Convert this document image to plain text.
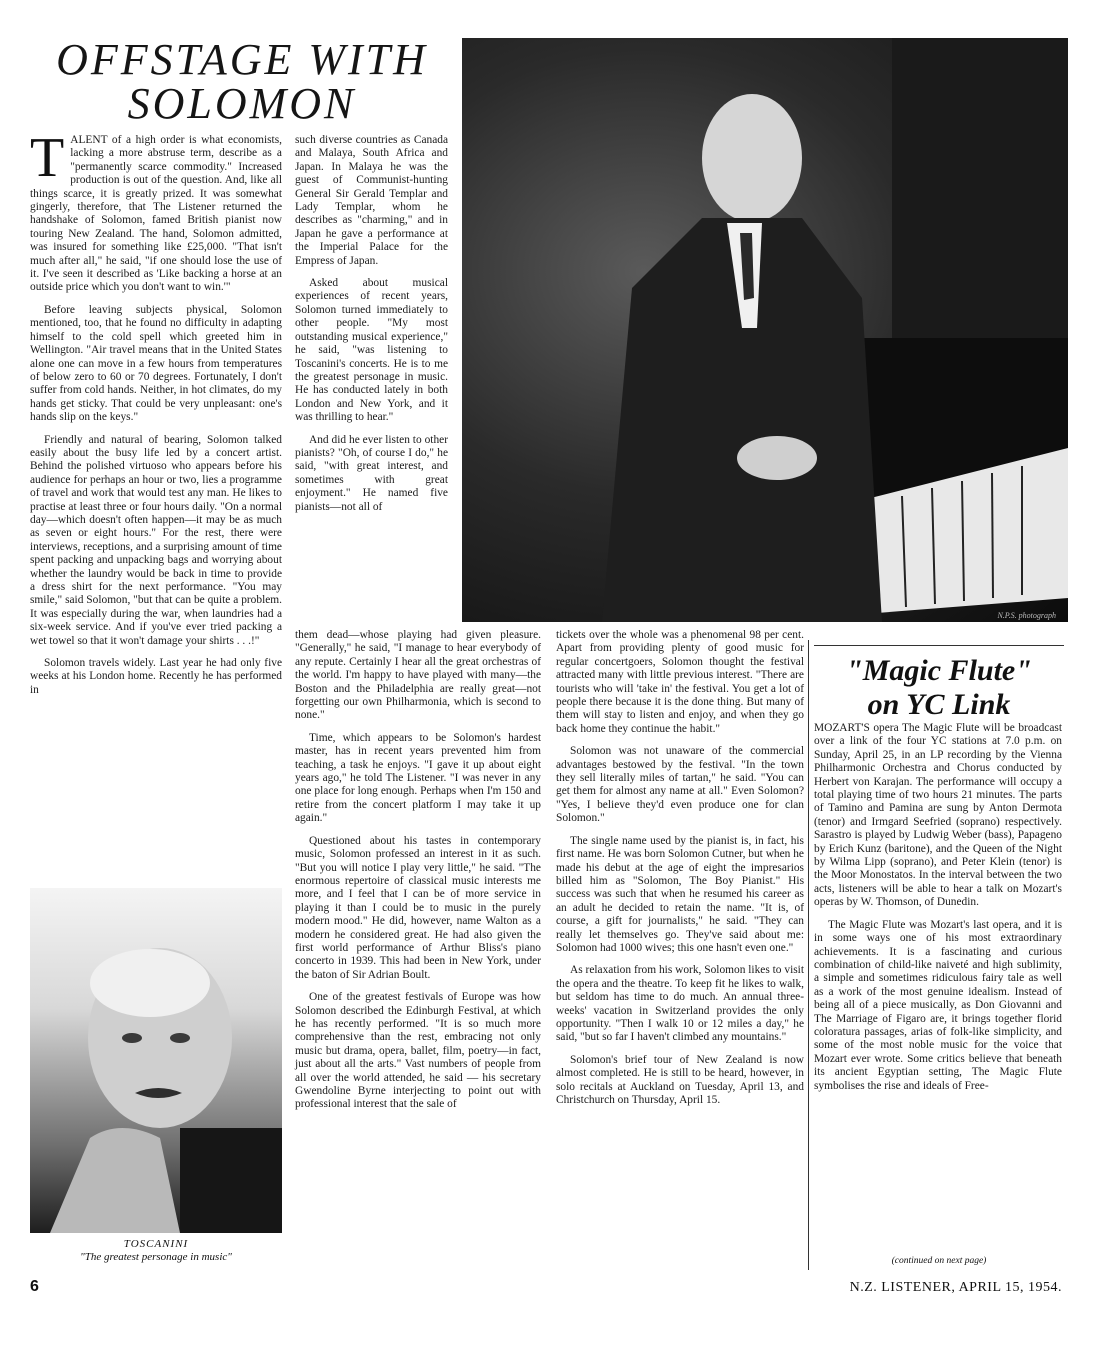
OFFSTAGE WITH
SOLOMON

TALENT of a high order is what economists, lacking a more abstruse term, describe as a "permanently scarce commodity." Increased production is out of the question. And, like all things scarce, it is greatly prized. It was somewhat gingerly, therefore, that The Listener returned the handshake of Solomon, famed British pianist now touring New Zealand. The hand, Solomon admitted, was insured for something like £25,000. "That isn't much after all," he said, "if one should lose the use of it. I've seen it described as 'Like backing a horse at an outside price which you don't want to win.'"

Before leaving subjects physical, Solomon mentioned, too, that he found no difficulty in adapting himself to the cold spell which greeted him in Wellington. "Air travel means that in the United States alone one can move in a few hours from temperatures of below zero to 60 or 70 degrees. Fortunately, I don't suffer from cold hands. Neither, in hot climates, do my hands get sticky. That could be very unpleasant: one's hands slip on the keys."

Friendly and natural of bearing, Solomon talked easily about the busy life led by a concert artist. Behind the polished virtuoso who appears before his audience for perhaps an hour or two, lies a programme of travel and work that would test any man. He likes to practise at least three or four hours daily. "On a normal day—which doesn't often happen—it may be as much as seven or eight hours." For the rest, there were interviews, receptions, and a surprising amount of time spent packing and unpacking bags and worrying about whether the laundry would be back in time to provide a dress shirt for the next performance. "You may smile," said Solomon, "but that can be quite a problem. It was especially during the war, when laundries had a six-week service. And if you've ever tried packing a wet towel so that it won't damage your shirts . . .!"

Solomon travels widely. Last year he had only five weeks at his London home. Recently he has performed in

such diverse countries as Canada and Malaya, South Africa and Japan. In Malaya he was the guest of Communist-hunting General Sir Gerald Templar and Lady Templar, whom he describes as "charming," and in Japan he gave a performance at the Imperial Palace for the Empress of Japan.

Asked about musical experiences of recent years, Solomon turned immediately to other people. "My most outstanding musical experience," he said, "was listening to Toscanini's concerts. He is to me the greatest personage in music. He has conducted lately in both London and New York, and it was thrilling to hear."

And did he ever listen to other pianists? "Oh, of course I do," he said, "with great interest, and sometimes with great enjoyment." He named five pianists—not all of

N.P.S. photograph
TOSCANINI
"The greatest personage in music"

them dead—whose playing had given pleasure. "Generally," he said, "I manage to hear everybody of any repute. Certainly I hear all the great orchestras of the world. I'm happy to have played with many—the Boston and the Philadelphia are really great—not forgetting our own Philharmonia, which is second to none."

Time, which appears to be Solomon's hardest master, has in recent years prevented him from teaching, a task he enjoys. "I gave it up about eight years ago," he told The Listener. "I was never in any one place for long enough. Perhaps when I'm 150 and retire from the concert platform I may take it up again."

Questioned about his tastes in contemporary music, Solomon professed an interest in it as such. "But you will notice I play very little," he said. "The enormous repertoire of classical music interests me more, and I feel that I can be of more service in playing it than I could be to music in the purely modern mood." He did, however, name Walton as a modern he considered great. He had also given the first world performance of Arthur Bliss's piano concerto in 1939. This had been in New York, under the baton of Sir Adrian Boult.

One of the greatest festivals of Europe was how Solomon described the Edinburgh Festival, at which he has recently performed. "It is so much more comprehensive than the rest, embracing not only music but drama, opera, ballet, film, poetry—in fact, just about all the arts." Vast numbers of people from all over the world attended, he said — his secretary Gwendoline Byrne interjecting to point out with professional interest that the sale of

tickets over the whole was a phenomenal 98 per cent. Apart from providing plenty of good music for regular concertgoers, Solomon thought the festival attracted many with little previous interest. "There are tourists who will 'take in' the festival. You get a lot of people there because it is the done thing. But many of them will stay to listen and enjoy, and when they go back home they continue the habit."

Solomon was not unaware of the commercial advantages bestowed by the festival. "In the town they sell literally miles of tartan," he said. "You can get them for almost any name at all." Even Solomon? "Yes, I believe they'd even produce one for clan Solomon."

The single name used by the pianist is, in fact, his first name. He was born Solomon Cutner, but when he made his debut at the age of eight the impresarios billed him as "Solomon, The Boy Pianist." His success was such that when he resumed his career as an adult he decided to retain the name. "It is, of course, a gift for journalists," he said. "They can really let themselves go. They've said about me: Solomon had 1000 wives; this one hasn't even one."

As relaxation from his work, Solomon likes to visit the opera and the theatre. To keep fit he likes to walk, but seldom has time to do much. An annual three-weeks' vacation in Switzerland provides the only opportunity. "Then I walk 10 or 12 miles a day," he said, "but so far I haven't climbed any mountains."

Solomon's brief tour of New Zealand is now almost completed. He is still to be heard, however, in solo recitals at Auckland on Tuesday, April 13, and Christchurch on Thursday, April 15.

"Magic Flute"
on YC Link

MOZART'S opera The Magic Flute will be broadcast over a link of the four YC stations at 7.0 p.m. on Sunday, April 25, in an LP recording by the Vienna Philharmonic Orchestra and Chorus conducted by Herbert von Karajan. The performance will occupy a total playing time of two hours 21 minutes. The parts of Tamino and Pamina are sung by Anton Dermota (tenor) and Irmgard Seefried (soprano) respectively. Sarastro is played by Ludwig Weber (bass), Papageno by Erich Kunz (baritone), and the Queen of the Night by Wilma Lipp (soprano), and Peter Klein (tenor) is the Moor Monostatos. In the interval between the two acts, listeners will be able to hear a talk on Mozart's operas by W. Thomson, of Dunedin.

The Magic Flute was Mozart's last opera, and it is in some ways one of his most extraordinary achievements. It is a fascinating and curious combination of child-like naiveté and high sublimity, a simple and sometimes ridiculous fairy tale as well as a work of the most genuine idealism. Instead of being all of a piece musically, as Don Giovanni and The Marriage of Figaro are, it brings together florid coloratura passages, arias of folk-like simplicity, and some of the most noble music for the voice that Mozart ever wrote. Some critics believe that beneath its ancient Egyptian setting, The Magic Flute symbolises the rise and ideals of Free-

(continued on next page)
6	N.Z. LISTENER, APRIL 15, 1954.
